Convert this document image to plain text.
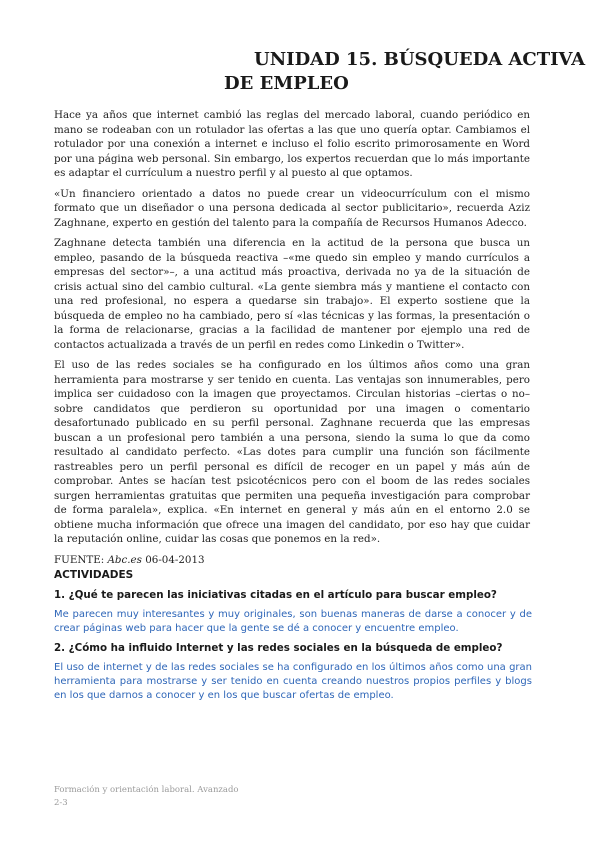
UNIDAD 15. BÚSQUEDA ACTIVA
DE EMPLEO

Hace ya años que internet cambió las reglas del mercado laboral, cuando periódico en mano se rodeaban con un rotulador las ofertas a las que uno quería optar. Cambiamos el rotulador por una conexión a internet e incluso el folio escrito primorosamente en Word por una página web personal. Sin embargo, los expertos recuerdan que lo más importante es adaptar el currículum a nuestro perfil y al puesto al que optamos.

«Un financiero orientado a datos no puede crear un videocurrículum con el mismo formato que un diseñador o una persona dedicada al sector publicitario», recuerda Aziz Zaghnane, experto en gestión del talento para la compañía de Recursos Humanos Adecco.

Zaghnane detecta también una diferencia en la actitud de la persona que busca un empleo, pasando de la búsqueda reactiva –«me quedo sin empleo y mando currículos a empresas del sector»–, a una actitud más proactiva, derivada no ya de la situación de crisis actual sino del cambio cultural. «La gente siembra más y mantiene el contacto con una red profesional, no espera a quedarse sin trabajo». El experto sostiene que la búsqueda de empleo no ha cambiado, pero sí «las técnicas y las formas, la presentación o la forma de relacionarse, gracias a la facilidad de mantener por ejemplo una red de contactos actualizada a través de un perfil en redes como Linkedin o Twitter».

El uso de las redes sociales se ha configurado en los últimos años como una gran herramienta para mostrarse y ser tenido en cuenta. Las ventajas son innumerables, pero implica ser cuidadoso con la imagen que proyectamos. Circulan historias –ciertas o no– sobre candidatos que perdieron su oportunidad por una imagen o comentario desafortunado publicado en su perfil personal. Zaghnane recuerda que las empresas buscan a un profesional pero también a una persona, siendo la suma lo que da como resultado al candidato perfecto. «Las dotes para cumplir una función son fácilmente rastreables pero un perfil personal es difícil de recoger en un papel y más aún de comprobar. Antes se hacían test psicotécnicos pero con el boom de las redes sociales surgen herramientas gratuitas que permiten una pequeña investigación para comprobar de forma paralela», explica. «En internet en general y más aún en el entorno 2.0 se obtiene mucha información que ofrece una imagen del candidato, por eso hay que cuidar la reputación online, cuidar las cosas que ponemos en la red».

FUENTE: Abc.es 06-04-2013
ACTIVIDADES
1. ¿Qué te parecen las iniciativas citadas en el artículo para buscar empleo?
Me parecen muy interesantes y muy originales, son buenas maneras de darse a conocer y de crear páginas web para hacer que la gente se dé a conocer y encuentre empleo.
2. ¿Cómo ha influido Internet y las redes sociales en la búsqueda de empleo?
El uso de internet y de las redes sociales se ha configurado en los últimos años como una gran herramienta para mostrarse y ser tenido en cuenta creando nuestros propios perfiles y blogs en los que darnos a conocer y en los que buscar ofertas de empleo.
Formación y orientación laboral. Avanzado
2-3
